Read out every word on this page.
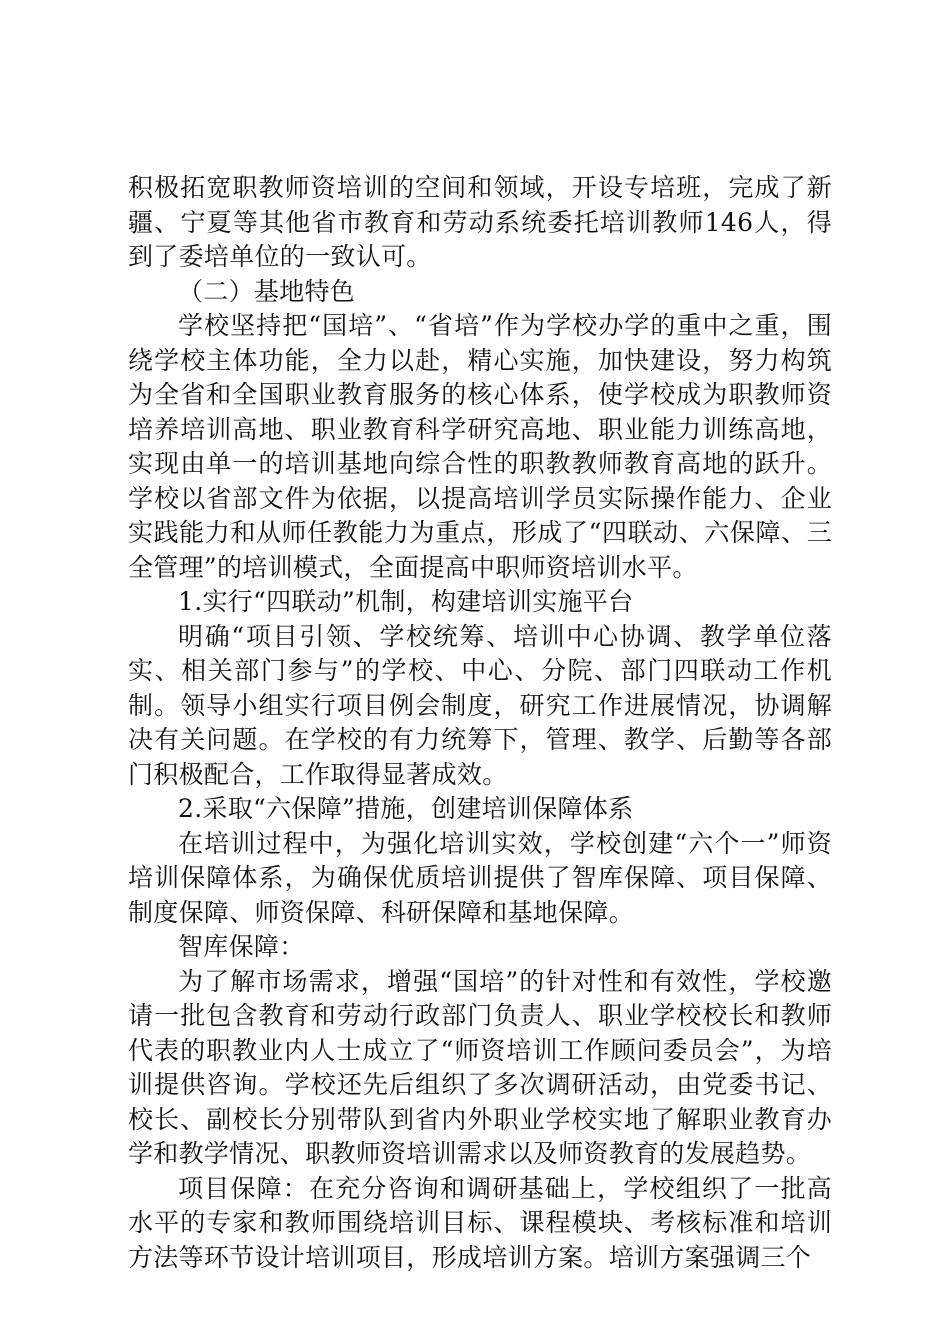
积极拓宽职教师资培训的空间和领域，开设专培班，完成了新疆、宁夏等其他省市教育和劳动系统委托培训教师146人，得到了委培单位的一致认可。

（二）基地特色

学校坚持把“国培”、“省培”作为学校办学的重中之重，围绕学校主体功能，全力以赴，精心实施，加快建设，努力构筑为全省和全国职业教育服务的核心体系，使学校成为职教师资培养培训高地、职业教育科学研究高地、职业能力训练高地，实现由单一的培训基地向综合性的职教教师教育高地的跃升。学校以省部文件为依据，以提高培训学员实际操作能力、企业实践能力和从师任教能力为重点，形成了“四联动、六保障、三全管理”的培训模式，全面提高中职师资培训水平。

1.实行“四联动”机制，构建培训实施平台

明确“项目引领、学校统筹、培训中心协调、教学单位落实、相关部门参与”的学校、中心、分院、部门四联动工作机制。领导小组实行项目例会制度，研究工作进展情况，协调解决有关问题。在学校的有力统筹下，管理、教学、后勤等各部门积极配合，工作取得显著成效。

2.采取“六保障”措施，创建培训保障体系

在培训过程中，为强化培训实效，学校创建“六个一”师资培训保障体系，为确保优质培训提供了智库保障、项目保障、制度保障、师资保障、科研保障和基地保障。

智库保障：

为了解市场需求，增强“国培”的针对性和有效性，学校邀请一批包含教育和劳动行政部门负责人、职业学校校长和教师代表的职教业内人士成立了“师资培训工作顾问委员会”，为培训提供咨询。学校还先后组织了多次调研活动，由党委书记、校长、副校长分别带队到省内外职业学校实地了解职业教育办学和教学情况、职教师资培训需求以及师资教育的发展趋势。

项目保障：在充分咨询和调研基础上，学校组织了一批高水平的专家和教师围绕培训目标、课程模块、考核标准和培训方法等环节设计培训项目，形成培训方案。培训方案强调三个
